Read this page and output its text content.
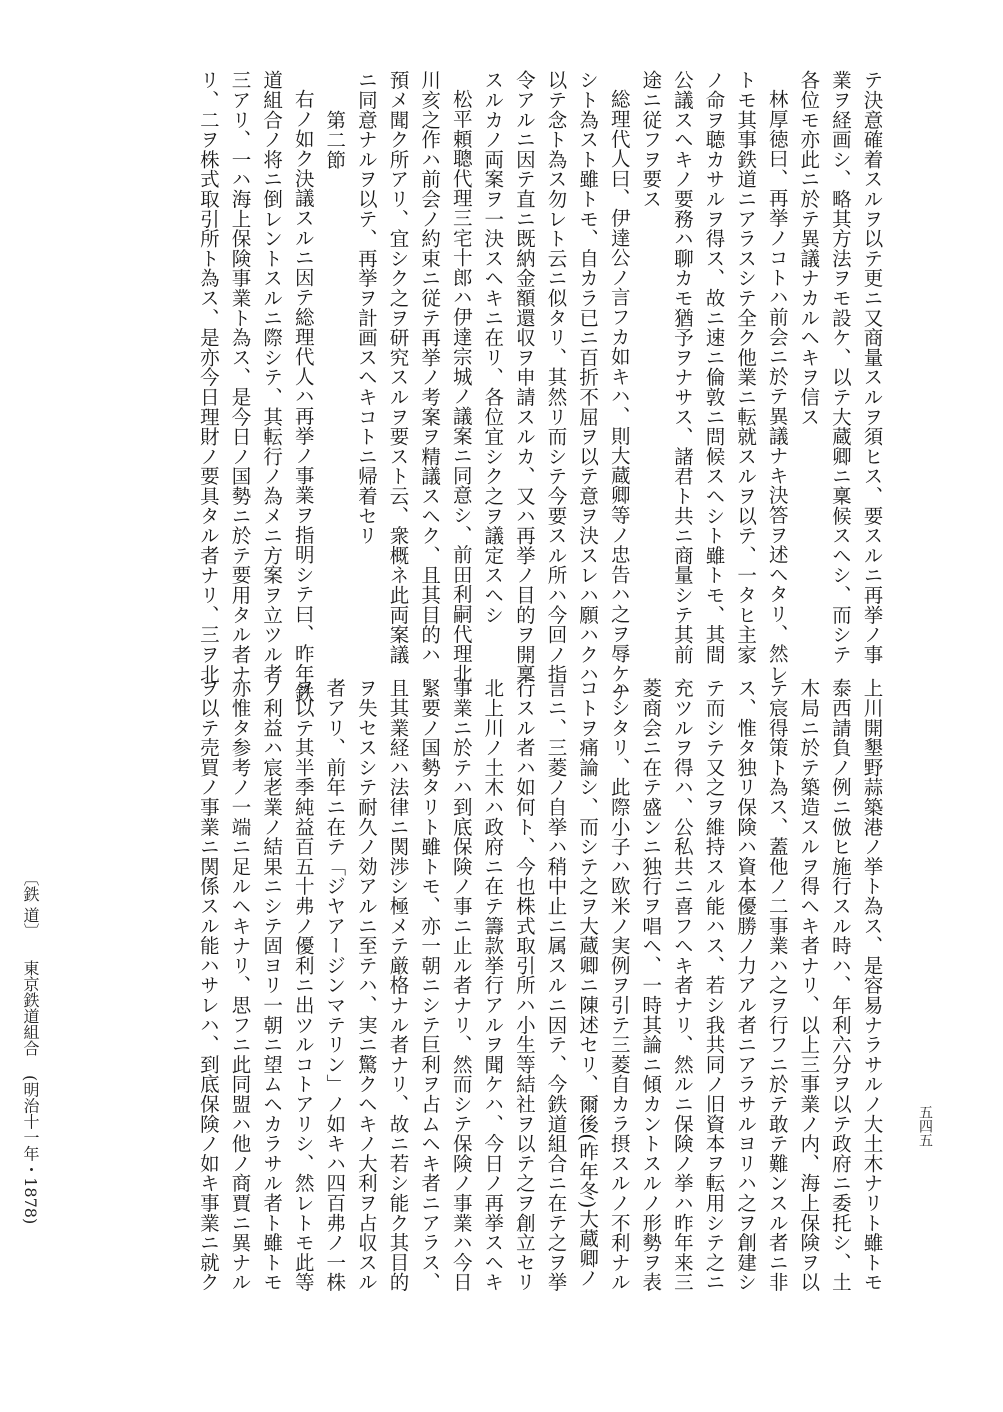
テ決意確着スルヲ以テ更ニ又商量スルヲ須ヒス、要スルニ再挙ノ事
業ヲ経画シ、略其方法ヲモ設ケ、以テ大蔵卿ニ稟候スヘシ、而シテ
各位モ亦此ニ於テ異議ナカルヘキヲ信ス
林厚徳曰、再挙ノコトハ前会ニ於テ異議ナキ決答ヲ述ヘタリ、然レ
トモ其事鉄道ニアラスシテ全ク他業ニ転就スルヲ以テ、一タヒ主家
ノ命ヲ聴カサルヲ得ス、故ニ速ニ倫敦ニ問候スヘシト雖トモ、其間
公議スヘキノ要務ハ聊カモ猶予ヲナサス、諸君ト共ニ商量シテ其前
途ニ従フヲ要ス
総理代人曰、伊達公ノ言フカ如キハ、則大蔵卿等ノ忠告ハ之ヲ辱ケナ
シト為スト雖トモ、自カラ已ニ百折不屈ヲ以テ意ヲ決スレハ願ハクハ
以テ念ト為ス勿レト云ニ似タリ、其然リ而シテ今要スル所ハ今回ノ指
令アルニ因テ直ニ既納金額還収ヲ申請スルカ、又ハ再挙ノ目的ヲ開稟
スルカノ両案ヲ一決スヘキニ在リ、各位宜シク之ヲ議定スヘシ
松平頼聰代理三宅十郎ハ伊達宗城ノ議案ニ同意シ、前田利嗣代理北
川亥之作ハ前会ノ約束ニ従テ再挙ノ考案ヲ精議スヘク、且其目的ハ
預メ聞ク所アリ、宜シク之ヲ研究スルヲ要スト云、衆概ネ此両案議
ニ同意ナルヲ以テ、再挙ヲ計画スヘキコトニ帰着セリ
第二節
右ノ如ク決議スルニ因テ総理代人ハ再挙ノ事業ヲ指明シテ曰、昨年鉄
道組合ノ将ニ倒レントスルニ際シテ、其転行ノ為メニ方案ヲ立ツル者
三アリ、一ハ海上保険事業ト為ス、是今日ノ国勢ニ於テ要用タル者ナ
リ、二ヲ株式取引所ト為ス、是亦今日理財ノ要具タル者ナリ、三ヲ北
上川開墾野蒜築港ノ挙ト為ス、是容易ナラサルノ大土木ナリト雖トモ
泰西請負ノ例ニ倣ヒ施行スル時ハ、年利六分ヲ以テ政府ニ委托シ、土
木局ニ於テ築造スルヲ得ヘキ者ナリ、以上三事業ノ内、海上保険ヲ以
テ宸得策ト為ス、蓋他ノ二事業ハ之ヲ行フニ於テ敢テ難ンスル者ニ非
ス、惟タ独リ保険ハ資本優勝ノ力アル者ニアラサルヨリハ之ヲ創建シ
テ而シテ又之ヲ維持スル能ハス、若シ我共同ノ旧資本ヲ転用シテ之ニ
充ツルヲ得ハ、公私共ニ喜フヘキ者ナリ、然ルニ保険ノ挙ハ昨年来三
菱商会ニ在テ盛ンニ独行ヲ唱ヘ、一時其論ニ傾カントスルノ形勢ヲ表
ハシタリ、此際小子ハ欧米ノ実例ヲ引テ三菱自カラ摂スルノ不利ナル
コトヲ痛論シ、而シテ之ヲ大蔵卿ニ陳述セリ、爾後(昨年冬)大蔵卿ノ
言ニ、三菱ノ自挙ハ稍中止ニ属スルニ因テ、今鉄道組合ニ在テ之ヲ挙
行スル者ハ如何ト、今也株式取引所ハ小生等結社ヲ以テ之ヲ創立セリ
北上川ノ土木ハ政府ニ在テ籌款挙行アルヲ聞ケハ、今日ノ再挙スヘキ
事業ニ於テハ到底保険ノ事ニ止ル者ナリ、然而シテ保険ノ事業ハ今日
緊要ノ国勢タリト雖トモ、亦一朝ニシテ巨利ヲ占ムヘキ者ニアラス、
且其業経ハ法律ニ関渉シ極メテ厳格ナル者ナリ、故ニ若シ能ク其目的
ヲ失セスシテ耐久ノ効アルニ至テハ、実ニ驚クヘキノ大利ヲ占収スル
者アリ、前年ニ在テ「ジヤアージンマテリン」ノ如キハ四百弗ノ一株
ヲ以テ其半季純益百五十弗ノ優利ニ出ツルコトアリシ、然レトモ此等
ノ利益ハ宸老業ノ結果ニシテ固ヨリ一朝ニ望ムヘカラサル者ト雖トモ
亦惟タ参考ノ一端ニ足ルヘキナリ、思フニ此同盟ハ他ノ商賈ニ異ナル
ヲ以テ売買ノ事業ニ関係スル能ハサレハ、到底保険ノ如キ事業ニ就ク
〔鉄 道〕
東京鉄道組合
(明治十一年・1878)	五四五
